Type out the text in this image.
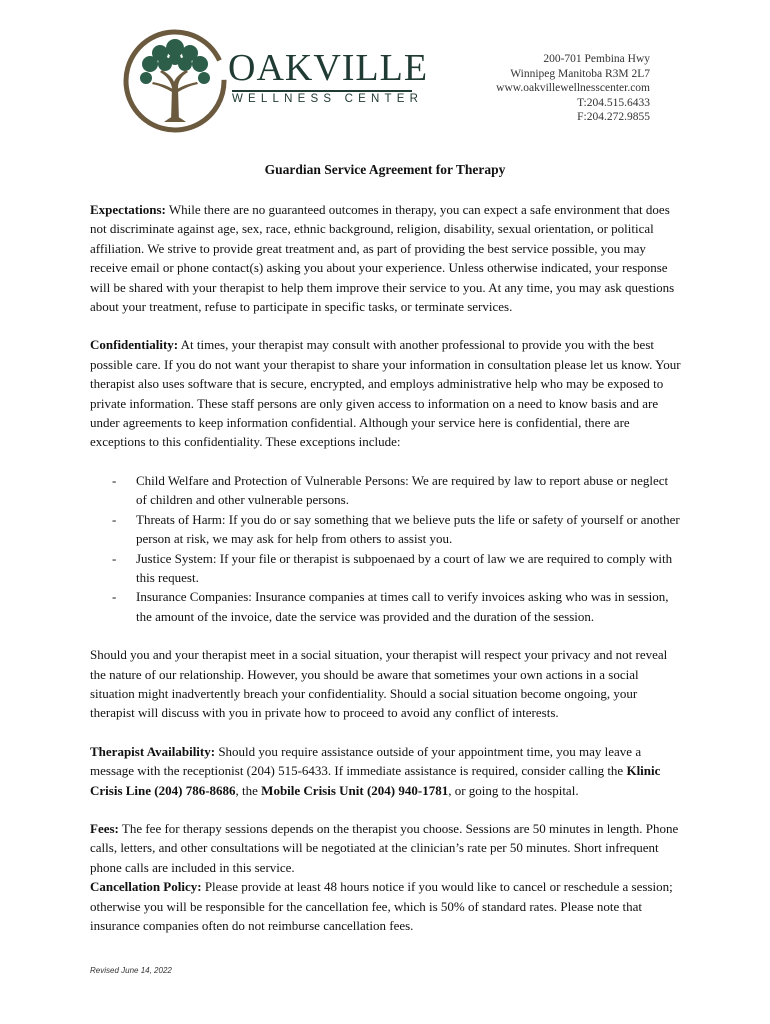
OAKVILLE
WELLNESS CENTER
200-701 Pembina Hwy
Winnipeg Manitoba R3M 2L7
www.oakvillewellnesscenter.com
T:204.515.6433
F:204.272.9855
Guardian Service Agreement for Therapy

Expectations: While there are no guaranteed outcomes in therapy, you can expect a safe environment that does not discriminate against age, sex, race, ethnic background, religion, disability, sexual orientation, or political affiliation. We strive to provide great treatment and, as part of providing the best service possible, you may receive email or phone contact(s) asking you about your experience. Unless otherwise indicated, your response will be shared with your therapist to help them improve their service to you. At any time, you may ask questions about your treatment, refuse to participate in specific tasks, or terminate services.

Confidentiality: At times, your therapist may consult with another professional to provide you with the best possible care. If you do not want your therapist to share your information in consultation please let us know. Your therapist also uses software that is secure, encrypted, and employs administrative help who may be exposed to private information. These staff persons are only given access to information on a need to know basis and are under agreements to keep information confidential. Although your service here is confidential, there are exceptions to this confidentiality. These exceptions include:

- Child Welfare and Protection of Vulnerable Persons: We are required by law to report abuse or neglect of children and other vulnerable persons.
- Threats of Harm: If you do or say something that we believe puts the life or safety of yourself or another person at risk, we may ask for help from others to assist you.
- Justice System: If your file or therapist is subpoenaed by a court of law we are required to comply with this request.
- Insurance Companies: Insurance companies at times call to verify invoices asking who was in session, the amount of the invoice, date the service was provided and the duration of the session.

Should you and your therapist meet in a social situation, your therapist will respect your privacy and not reveal the nature of our relationship. However, you should be aware that sometimes your own actions in a social situation might inadvertently breach your confidentiality. Should a social situation become ongoing, your therapist will discuss with you in private how to proceed to avoid any conflict of interests.

Therapist Availability: Should you require assistance outside of your appointment time, you may leave a message with the receptionist (204) 515-6433. If immediate assistance is required, consider calling the Klinic Crisis Line (204) 786-8686, the Mobile Crisis Unit (204) 940-1781, or going to the hospital.

Fees: The fee for therapy sessions depends on the therapist you choose. Sessions are 50 minutes in length. Phone calls, letters, and other consultations will be negotiated at the clinician’s rate per 50 minutes. Short infrequent phone calls are included in this service.

Cancellation Policy: Please provide at least 48 hours notice if you would like to cancel or reschedule a session; otherwise you will be responsible for the cancellation fee, which is 50% of standard rates. Please note that insurance companies often do not reimburse cancellation fees.

Revised June 14, 2022
